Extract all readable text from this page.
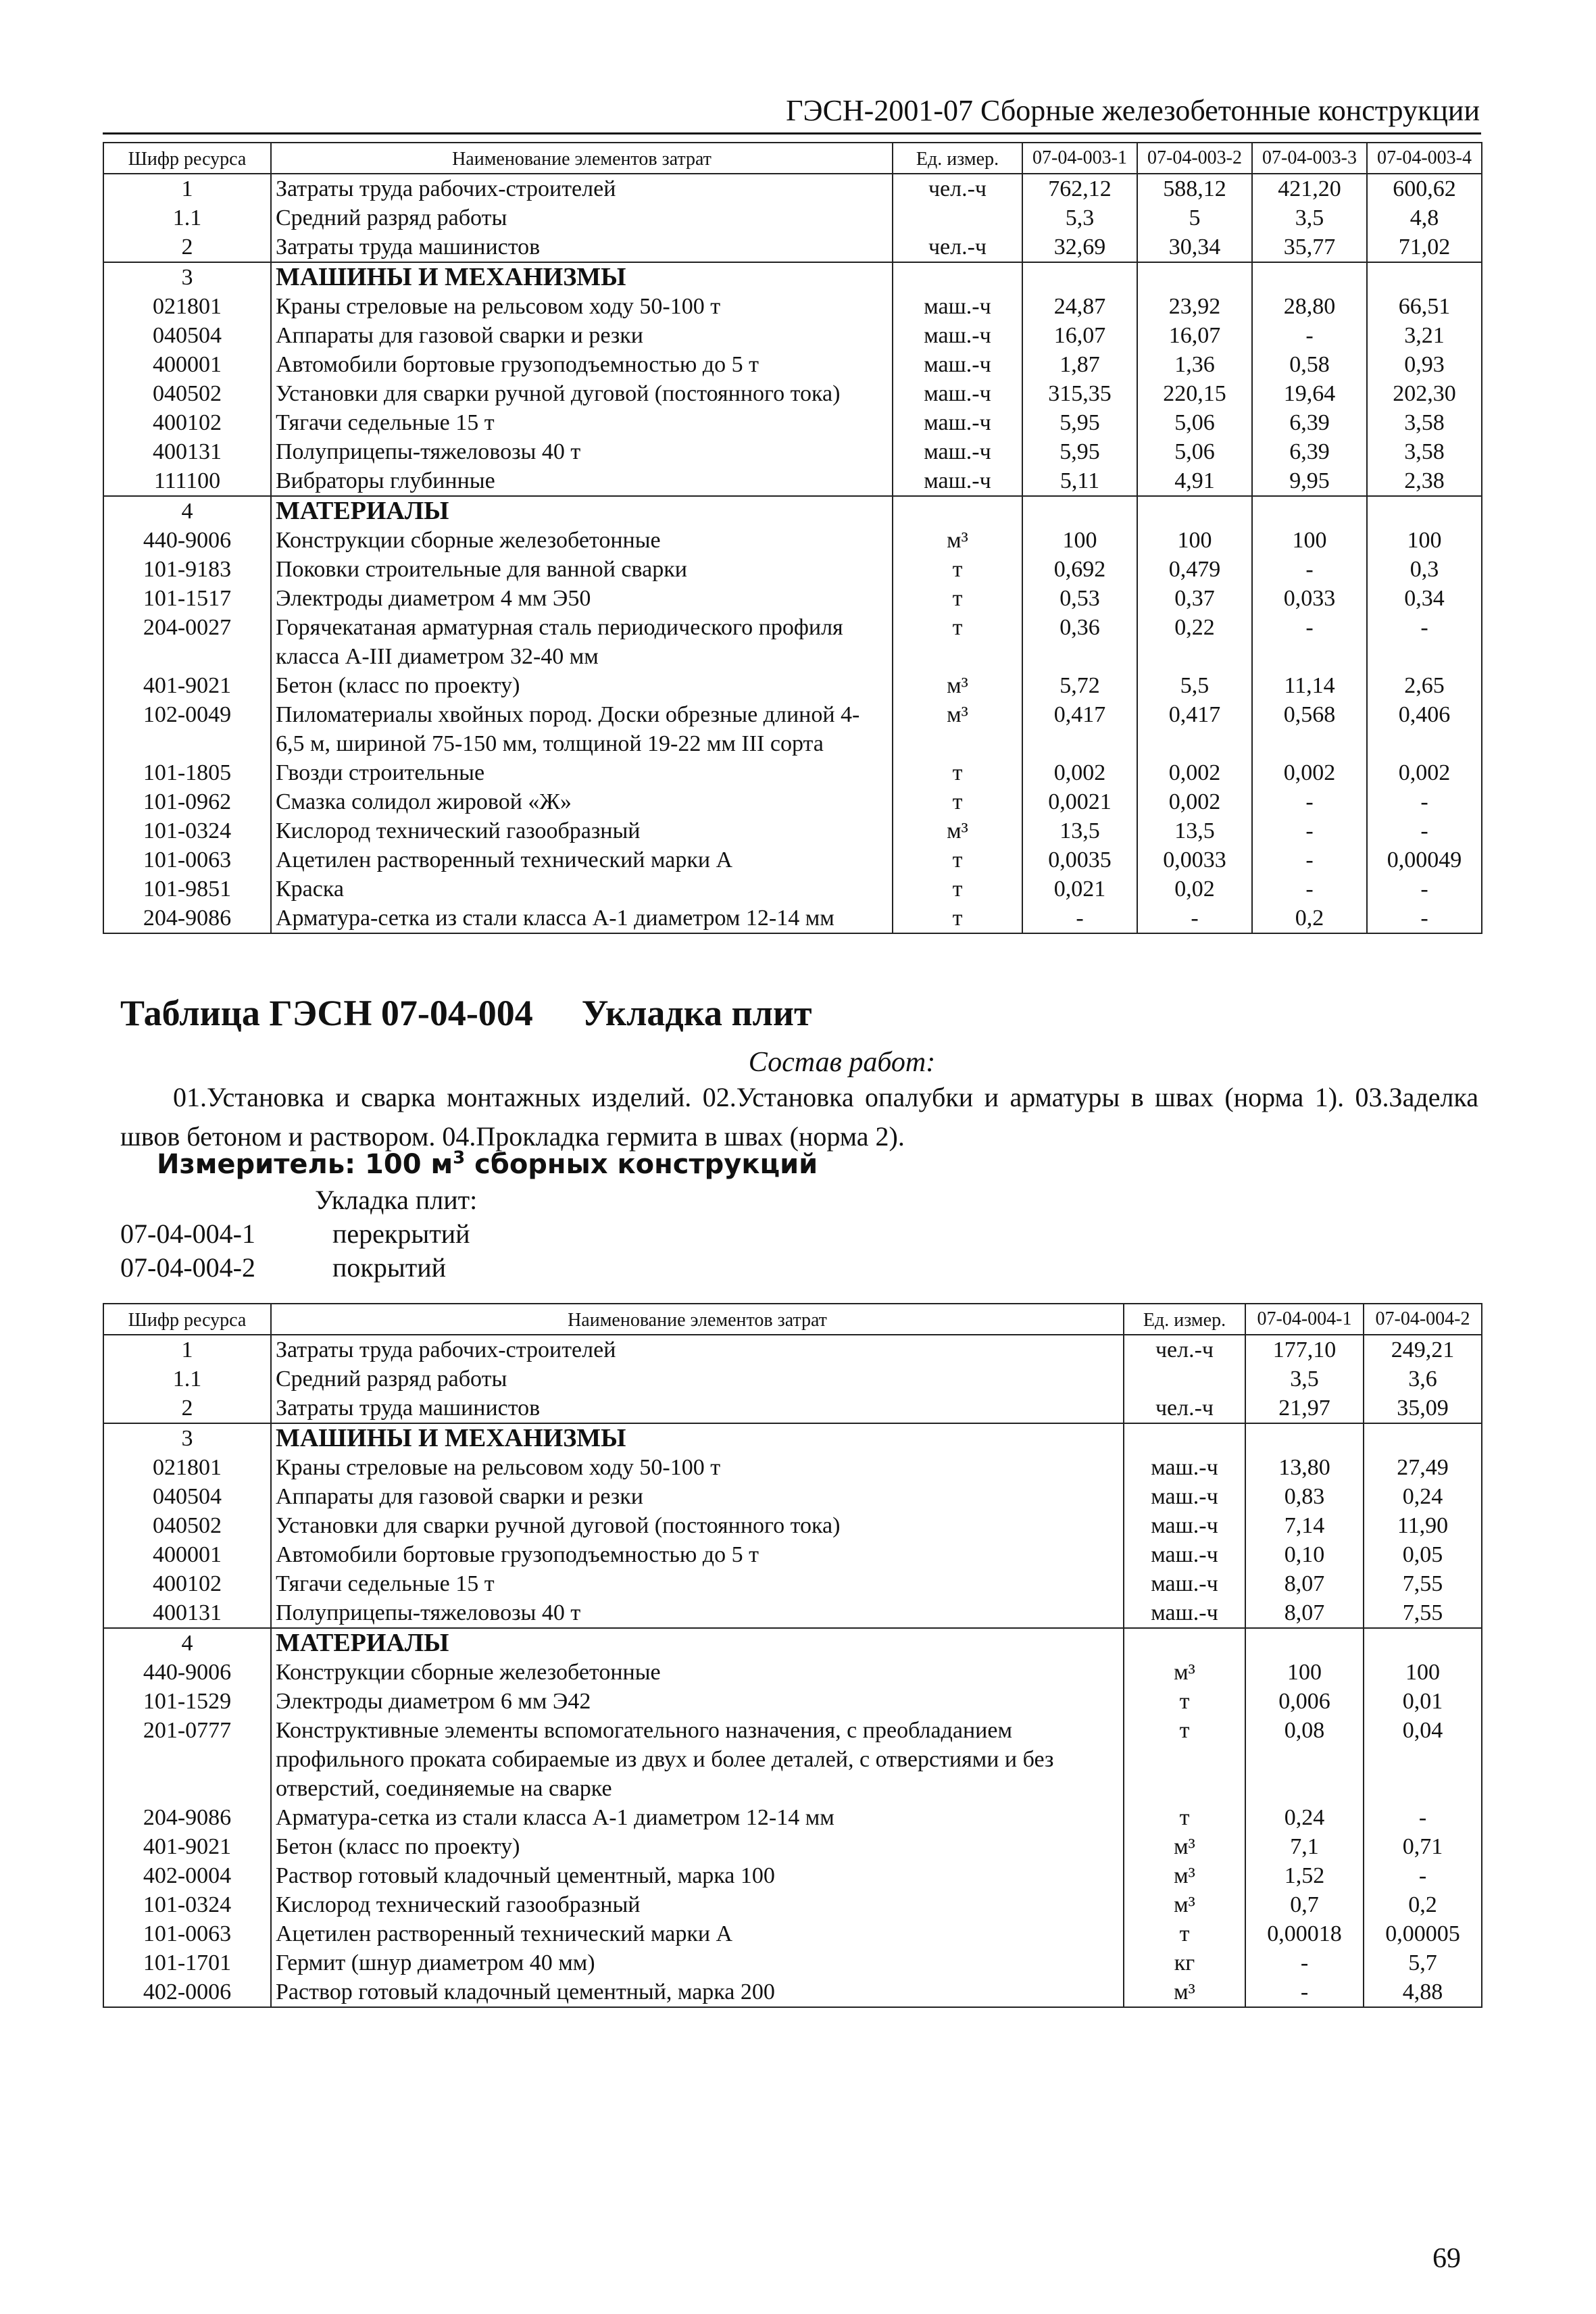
ГЭСН-2001-07 Сборные железобетонные конструкции
Шифр ресурса	Наименование элементов затрат	Ед. измер.	07-04-003-1	07-04-003-2	07-04-003-3	07-04-003-4
1	Затраты труда рабочих-строителей	чел.-ч	762,12	588,12	421,20	600,62
1.1	Средний разряд работы		5,3	5	3,5	4,8
2	Затраты труда машинистов	чел.-ч	32,69	30,34	35,77	71,02
3	МАШИНЫ И МЕХАНИЗМЫ					
021801	Краны стреловые на рельсовом ходу 50-100 т	маш.-ч	24,87	23,92	28,80	66,51
040504	Аппараты для газовой сварки и резки	маш.-ч	16,07	16,07	-	3,21
400001	Автомобили бортовые грузоподъемностью до 5 т	маш.-ч	1,87	1,36	0,58	0,93
040502	Установки для сварки ручной дуговой (постоянного тока)	маш.-ч	315,35	220,15	19,64	202,30
400102	Тягачи седельные 15 т	маш.-ч	5,95	5,06	6,39	3,58
400131	Полуприцепы-тяжеловозы 40 т	маш.-ч	5,95	5,06	6,39	3,58
111100	Вибраторы глубинные	маш.-ч	5,11	4,91	9,95	2,38
4	МАТЕРИАЛЫ					
440-9006	Конструкции сборные железобетонные	м³	100	100	100	100
101-9183	Поковки строительные для ванной сварки	т	0,692	0,479	-	0,3
101-1517	Электроды диаметром 4 мм Э50	т	0,53	0,37	0,033	0,34
204-0027	Горячекатаная арматурная сталь периодического профиля класса А-III диаметром 32-40 мм	т	0,36	0,22	-	-
401-9021	Бетон (класс по проекту)	м³	5,72	5,5	11,14	2,65
102-0049	Пиломатериалы хвойных пород. Доски обрезные длиной 4-6,5 м, шириной 75-150 мм, толщиной 19-22 мм III сорта	м³	0,417	0,417	0,568	0,406
101-1805	Гвозди строительные	т	0,002	0,002	0,002	0,002
101-0962	Смазка солидол жировой «Ж»	т	0,0021	0,002	-	-
101-0324	Кислород технический газообразный	м³	13,5	13,5	-	-
101-0063	Ацетилен растворенный технический марки А	т	0,0035	0,0033	-	0,00049
101-9851	Краска	т	0,021	0,02	-	-
204-9086	Арматура-сетка из стали класса А-1 диаметром 12-14 мм	т	-	-	0,2	-
Таблица ГЭСН 07-04-004 Укладка плит
Состав работ:
01.Установка и сварка монтажных изделий. 02.Установка опалубки и арматуры в швах (норма 1). 03.Заделка швов бетоном и раствором. 04.Прокладка гермита в швах (норма 2).
Измеритель: 100 $м^3$ сборных конструкций
Укладка плит:
07-04-004-1	перекрытий
07-04-004-2	покрытий
Шифр ресурса	Наименование элементов затрат	Ед. измер.	07-04-004-1	07-04-004-2
1	Затраты труда рабочих-строителей	чел.-ч	177,10	249,21
1.1	Средний разряд работы		3,5	3,6
2	Затраты труда машинистов	чел.-ч	21,97	35,09
3	МАШИНЫ И МЕХАНИЗМЫ			
021801	Краны стреловые на рельсовом ходу 50-100 т	маш.-ч	13,80	27,49
040504	Аппараты для газовой сварки и резки	маш.-ч	0,83	0,24
040502	Установки для сварки ручной дуговой (постоянного тока)	маш.-ч	7,14	11,90
400001	Автомобили бортовые грузоподъемностью до 5 т	маш.-ч	0,10	0,05
400102	Тягачи седельные 15 т	маш.-ч	8,07	7,55
400131	Полуприцепы-тяжеловозы 40 т	маш.-ч	8,07	7,55
4	МАТЕРИАЛЫ			
440-9006	Конструкции сборные железобетонные	м³	100	100
101-1529	Электроды диаметром 6 мм Э42	т	0,006	0,01
201-0777	Конструктивные элементы вспомогательного назначения, с преобладанием профильного проката собираемые из двух и более деталей, с отверстиями и без отверстий, соединяемые на сварке	т	0,08	0,04
204-9086	Арматура-сетка из стали класса А-1 диаметром 12-14 мм	т	0,24	-
401-9021	Бетон (класс по проекту)	м³	7,1	0,71
402-0004	Раствор готовый кладочный цементный, марка 100	м³	1,52	-
101-0324	Кислород технический газообразный	м³	0,7	0,2
101-0063	Ацетилен растворенный технический марки А	т	0,00018	0,00005
101-1701	Гермит (шнур диаметром 40 мм)	кг	-	5,7
402-0006	Раствор готовый кладочный цементный, марка 200	м³	-	4,88
69
